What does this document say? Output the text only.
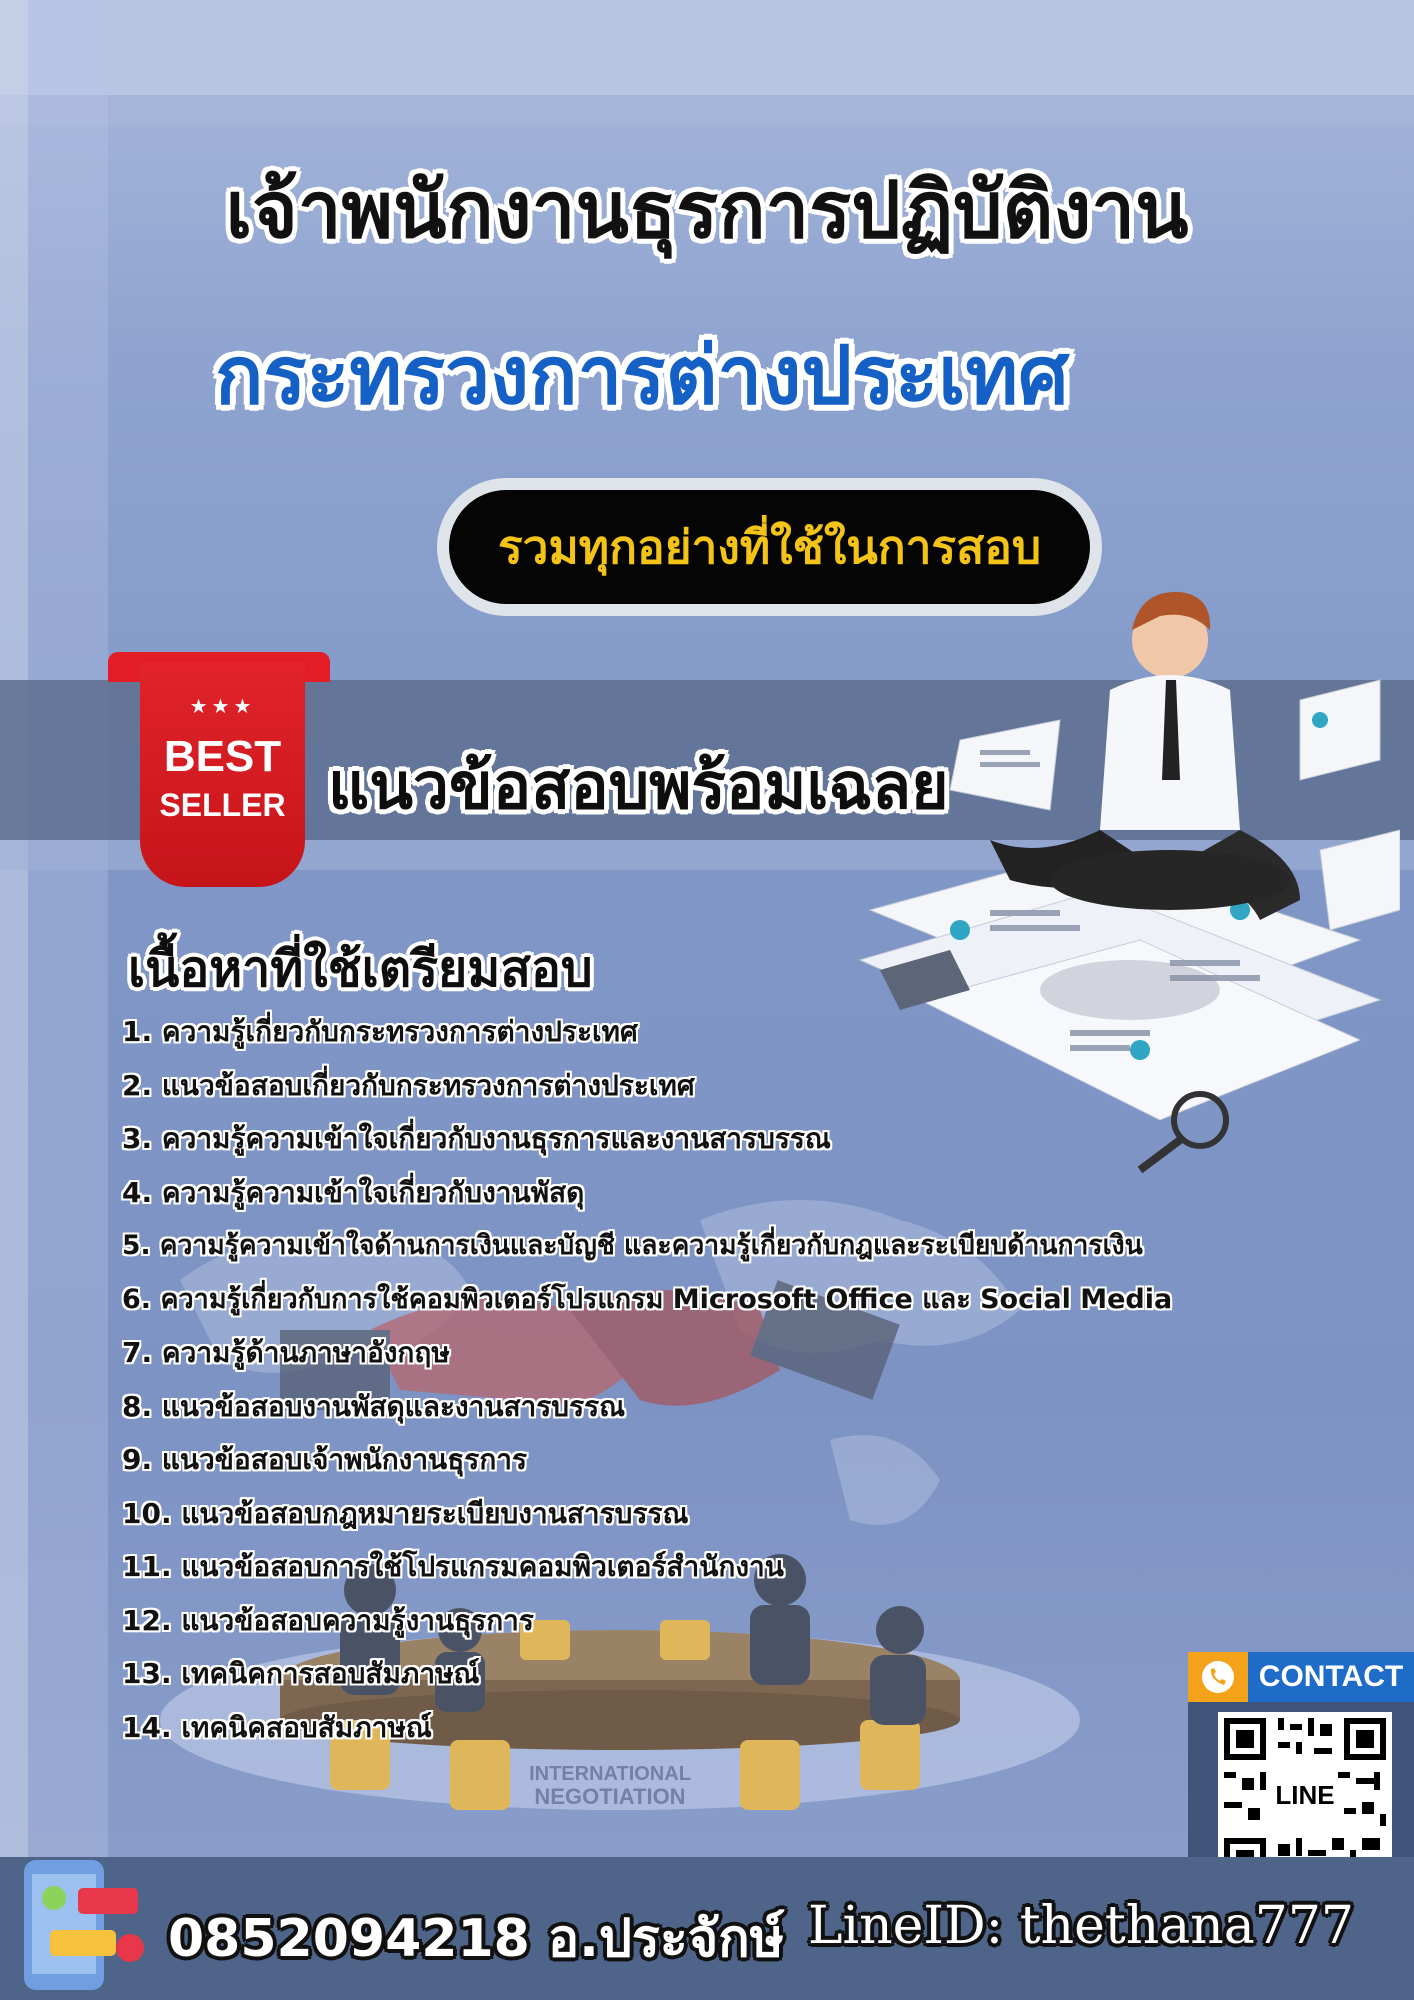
INTERNATIONAL
NEGOTIATION
เจ้าพนักงานธุรการปฏิบัติงาน
กระทรวงการต่างประเทศ
รวมทุกอย่างที่ใช้ในการสอบ
★★★
BEST
SELLER แนวข้อสอบพร้อมเฉลย
เนื้อหาที่ใช้เตรียมสอบ
1. ความรู้เกี่ยวกับกระทรวงการต่างประเทศ
2. แนวข้อสอบเกี่ยวกับกระทรวงการต่างประเทศ
3. ความรู้ความเข้าใจเกี่ยวกับงานธุรการและงานสารบรรณ
4. ความรู้ความเข้าใจเกี่ยวกับงานพัสดุ
5. ความรู้ความเข้าใจด้านการเงินและบัญชี และความรู้เกี่ยวกับกฎและระเบียบด้านการเงิน
6. ความรู้เกี่ยวกับการใช้คอมพิวเตอร์โปรแกรม Microsoft Office และ Social Media
7. ความรู้ด้านภาษาอังกฤษ
8. แนวข้อสอบงานพัสดุและงานสารบรรณ
9. แนวข้อสอบเจ้าพนักงานธุรการ
10. แนวข้อสอบกฎหมายระเบียบงานสารบรรณ
11. แนวข้อสอบการใช้โปรแกรมคอมพิวเตอร์สำนักงาน
12. แนวข้อสอบความรู้งานธุรการ
13. เทคนิคการสอบสัมภาษณ์
14. เทคนิคสอบสัมภาษณ์
CONTACT
LINE
0852094218 อ.ประจักษ์ LineID: thethana777
